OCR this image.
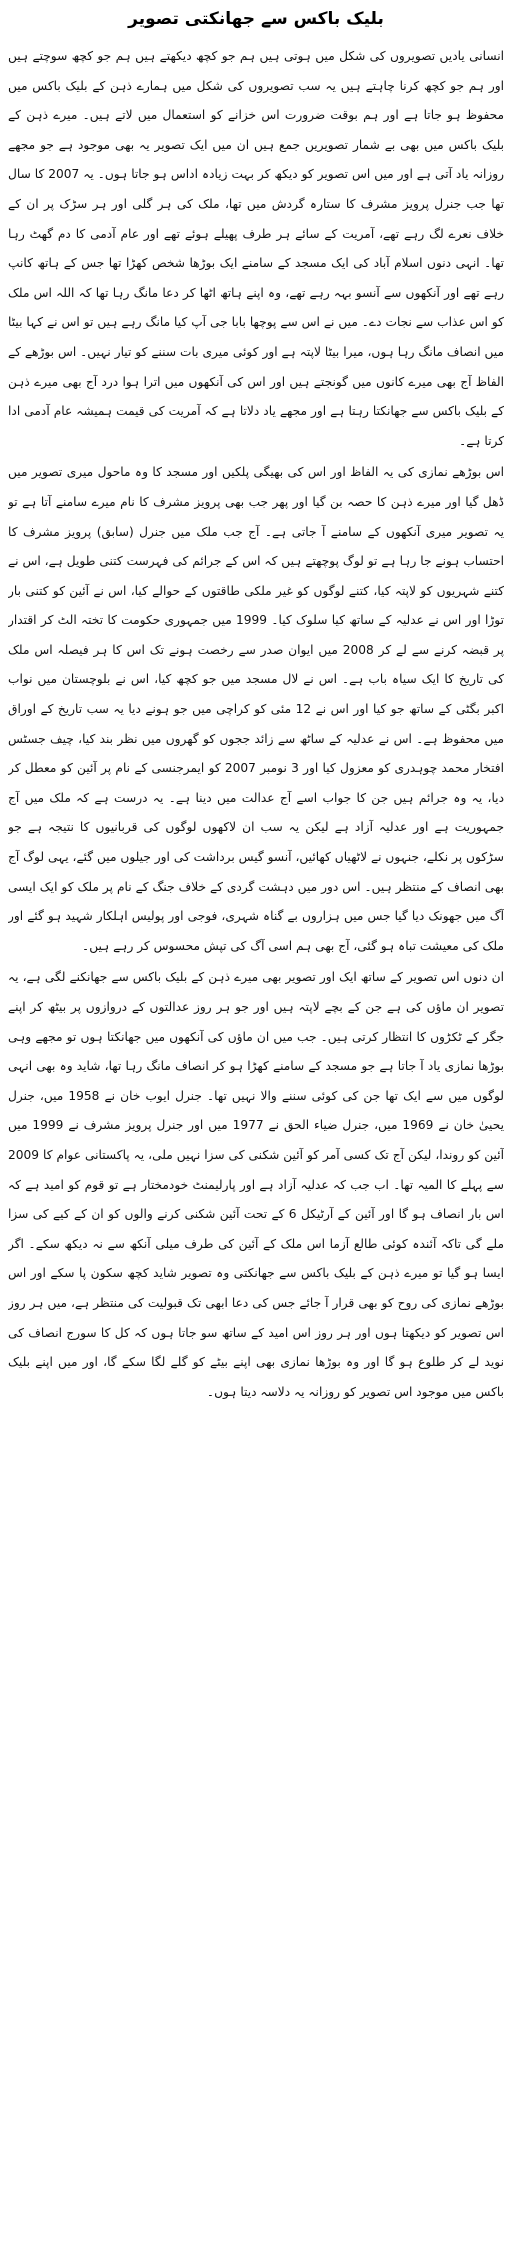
بلیک باکس سے جھانکتی تصویر

انسانی یادیں تصویروں کی شکل میں ہوتی ہیں ہم جو کچھ دیکھتے ہیں ہم جو کچھ سوچتے ہیں اور ہم جو کچھ کرنا چاہتے ہیں یہ سب تصویروں کی شکل میں ہمارے ذہن کے بلیک باکس میں محفوظ ہو جاتا ہے اور ہم بوقت ضرورت اس خزانے کو استعمال میں لاتے ہیں۔ میرے ذہن کے بلیک باکس میں بھی بے شمار تصویریں جمع ہیں ان میں ایک تصویر یہ بھی موجود ہے جو مجھے روزانہ یاد آتی ہے اور میں اس تصویر کو دیکھ کر بہت زیادہ اداس ہو جاتا ہوں۔ یہ 2007 کا سال تھا جب جنرل پرویز مشرف کا ستارہ گردش میں تھا، ملک کی ہر گلی اور ہر سڑک پر ان کے خلاف نعرے لگ رہے تھے، آمریت کے سائے ہر طرف پھیلے ہوئے تھے اور عام آدمی کا دم گھٹ رہا تھا۔ انہی دنوں اسلام آباد کی ایک مسجد کے سامنے ایک بوڑھا شخص کھڑا تھا جس کے ہاتھ کانپ رہے تھے اور آنکھوں سے آنسو بہہ رہے تھے، وہ اپنے ہاتھ اٹھا کر دعا مانگ رہا تھا کہ اللہ اس ملک کو اس عذاب سے نجات دے۔ میں نے اس سے پوچھا بابا جی آپ کیا مانگ رہے ہیں تو اس نے کہا بیٹا میں انصاف مانگ رہا ہوں، میرا بیٹا لاپتہ ہے اور کوئی میری بات سننے کو تیار نہیں۔ اس بوڑھے کے الفاظ آج بھی میرے کانوں میں گونجتے ہیں اور اس کی آنکھوں میں اترا ہوا درد آج بھی میرے ذہن کے بلیک باکس سے جھانکتا رہتا ہے اور مجھے یاد دلاتا ہے کہ آمریت کی قیمت ہمیشہ عام آدمی ادا کرتا ہے۔

اس بوڑھے نمازی کی یہ الفاظ اور اس کی بھیگی پلکیں اور مسجد کا وہ ماحول میری تصویر میں ڈھل گیا اور میرے ذہن کا حصہ بن گیا اور پھر جب بھی پرویز مشرف کا نام میرے سامنے آتا ہے تو یہ تصویر میری آنکھوں کے سامنے آ جاتی ہے۔ آج جب ملک میں جنرل (سابق) پرویز مشرف کا احتساب ہونے جا رہا ہے تو لوگ پوچھتے ہیں کہ اس کے جرائم کی فہرست کتنی طویل ہے، اس نے کتنے شہریوں کو لاپتہ کیا، کتنے لوگوں کو غیر ملکی طاقتوں کے حوالے کیا، اس نے آئین کو کتنی بار توڑا اور اس نے عدلیہ کے ساتھ کیا سلوک کیا۔ 1999 میں جمہوری حکومت کا تختہ الٹ کر اقتدار پر قبضہ کرنے سے لے کر 2008 میں ایوان صدر سے رخصت ہونے تک اس کا ہر فیصلہ اس ملک کی تاریخ کا ایک سیاہ باب ہے۔ اس نے لال مسجد میں جو کچھ کیا، اس نے بلوچستان میں نواب اکبر بگٹی کے ساتھ جو کیا اور اس نے 12 مئی کو کراچی میں جو ہونے دیا یہ سب تاریخ کے اوراق میں محفوظ ہے۔ اس نے عدلیہ کے ساٹھ سے زائد ججوں کو گھروں میں نظر بند کیا، چیف جسٹس افتخار محمد چوہدری کو معزول کیا اور 3 نومبر 2007 کو ایمرجنسی کے نام پر آئین کو معطل کر دیا، یہ وہ جرائم ہیں جن کا جواب اسے آج عدالت میں دینا ہے۔ یہ درست ہے کہ ملک میں آج جمہوریت ہے اور عدلیہ آزاد ہے لیکن یہ سب ان لاکھوں لوگوں کی قربانیوں کا نتیجہ ہے جو سڑکوں پر نکلے، جنہوں نے لاٹھیاں کھائیں، آنسو گیس برداشت کی اور جیلوں میں گئے، یہی لوگ آج بھی انصاف کے منتظر ہیں۔ اس دور میں دہشت گردی کے خلاف جنگ کے نام پر ملک کو ایک ایسی آگ میں جھونک دیا گیا جس میں ہزاروں بے گناہ شہری، فوجی اور پولیس اہلکار شہید ہو گئے اور ملک کی معیشت تباہ ہو گئی، آج بھی ہم اسی آگ کی تپش محسوس کر رہے ہیں۔

ان دنوں اس تصویر کے ساتھ ایک اور تصویر بھی میرے ذہن کے بلیک باکس سے جھانکنے لگی ہے، یہ تصویر ان ماؤں کی ہے جن کے بچے لاپتہ ہیں اور جو ہر روز عدالتوں کے دروازوں پر بیٹھ کر اپنے جگر کے ٹکڑوں کا انتظار کرتی ہیں۔ جب میں ان ماؤں کی آنکھوں میں جھانکتا ہوں تو مجھے وہی بوڑھا نمازی یاد آ جاتا ہے جو مسجد کے سامنے کھڑا ہو کر انصاف مانگ رہا تھا، شاید وہ بھی انہی لوگوں میں سے ایک تھا جن کی کوئی سننے والا نہیں تھا۔ جنرل ایوب خان نے 1958 میں، جنرل یحییٰ خان نے 1969 میں، جنرل ضیاء الحق نے 1977 میں اور جنرل پرویز مشرف نے 1999 میں آئین کو روندا، لیکن آج تک کسی آمر کو آئین شکنی کی سزا نہیں ملی، یہ پاکستانی عوام کا 2009 سے پہلے کا المیہ تھا۔ اب جب کہ عدلیہ آزاد ہے اور پارلیمنٹ خودمختار ہے تو قوم کو امید ہے کہ اس بار انصاف ہو گا اور آئین کے آرٹیکل 6 کے تحت آئین شکنی کرنے والوں کو ان کے کیے کی سزا ملے گی تاکہ آئندہ کوئی طالع آزما اس ملک کے آئین کی طرف میلی آنکھ سے نہ دیکھ سکے۔ اگر ایسا ہو گیا تو میرے ذہن کے بلیک باکس سے جھانکتی وہ تصویر شاید کچھ سکون پا سکے اور اس بوڑھے نمازی کی روح کو بھی قرار آ جائے جس کی دعا ابھی تک قبولیت کی منتظر ہے، میں ہر روز اس تصویر کو دیکھتا ہوں اور ہر روز اس امید کے ساتھ سو جاتا ہوں کہ کل کا سورج انصاف کی نوید لے کر طلوع ہو گا اور وہ بوڑھا نمازی بھی اپنے بیٹے کو گلے لگا سکے گا، اور میں اپنے بلیک باکس میں موجود اس تصویر کو روزانہ یہ دلاسہ دیتا ہوں۔
